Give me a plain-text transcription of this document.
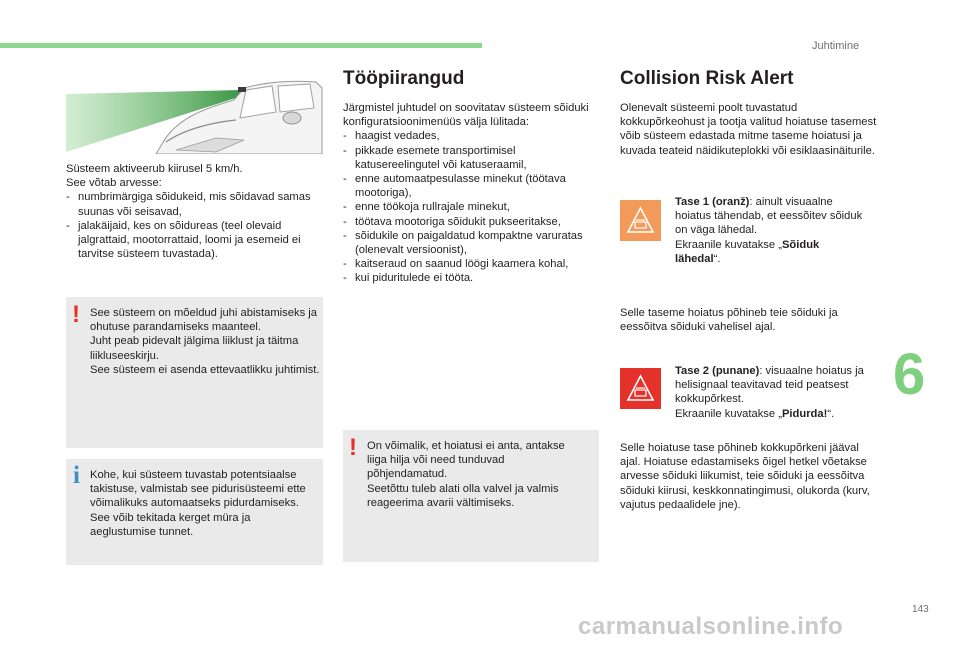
Juhtimine
6
143
carmanualsonline.info

Süsteem aktiveerub kiirusel 5 km/h.

See võtab arvesse:

- numbrimärgiga sõidukeid, mis sõidavad samas suunas või seisavad,
- jalakäijaid, kes on sõidureas (teel olevaid jalgrattaid, mootorrattaid, loomi ja esemeid ei tarvitse süsteem tuvastada).
! See süsteem on mõeldud juhi abistamiseks ja ohutuse parandamiseks maanteel.

Juht peab pidevalt jälgima liiklust ja täitma liikluseeskirju.

See süsteem ei asenda ettevaatlikku juhtimist.

i Kohe, kui süsteem tuvastab potentsiaalse takistuse, valmistab see pidurisüsteemi ette võimalikuks automaatseks pidurdamiseks. See võib tekitada kerget müra ja aeglustumise tunnet.
Tööpiirangud

Järgmistel juhtudel on soovitatav süsteem sõiduki konfiguratsioonimenüüs välja lülitada:

- haagist vedades,
- pikkade esemete transportimisel katusereelingutel või katuseraamil,
- enne automaatpesulasse minekut (töötava mootoriga),
- enne töökoja rullrajale minekut,
- töötava mootoriga sõidukit pukseeritakse,
- sõidukile on paigaldatud kompaktne varuratas (olenevalt versioonist),
- kaitseraud on saanud löögi kaamera kohal,
- kui piduritulede ei tööta.
! On võimalik, et hoiatusi ei anta, antakse liiga hilja või need tunduvad põhjendamatud.

Seetõttu tuleb alati olla valvel ja valmis reageerima avarii vältimiseks.

Collision Risk Alert

Olenevalt süsteemi poolt tuvastatud kokkupõrkeohust ja tootja valitud hoiatuse tasemest võib süsteem edastada mitme taseme hoiatusi ja kuvada teateid näidikuteplokki või esiklaasinäiturile.

Tase 1 (oranž): ainult visuaalne hoiatus tähendab, et eessõitev sõiduk on väga lähedal.

Ekraanile kuvatakse „Sõiduk lähedal“.

Selle taseme hoiatus põhineb teie sõiduki ja eessõitva sõiduki vahelisel ajal.

Tase 2 (punane): visuaalne hoiatus ja helisignaal teavitavad teid peatsest kokkupõrkest.

Ekraanile kuvatakse „Pidurda!“.

Selle hoiatuse tase põhineb kokkupõrkeni jääval ajal. Hoiatuse edastamiseks õigel hetkel võetakse arvesse sõiduki liikumist, teie sõiduki ja eessõitva sõiduki kiirusi, keskkonnatingimusi, olukorda (kurv, vajutus pedaalidele jne).
